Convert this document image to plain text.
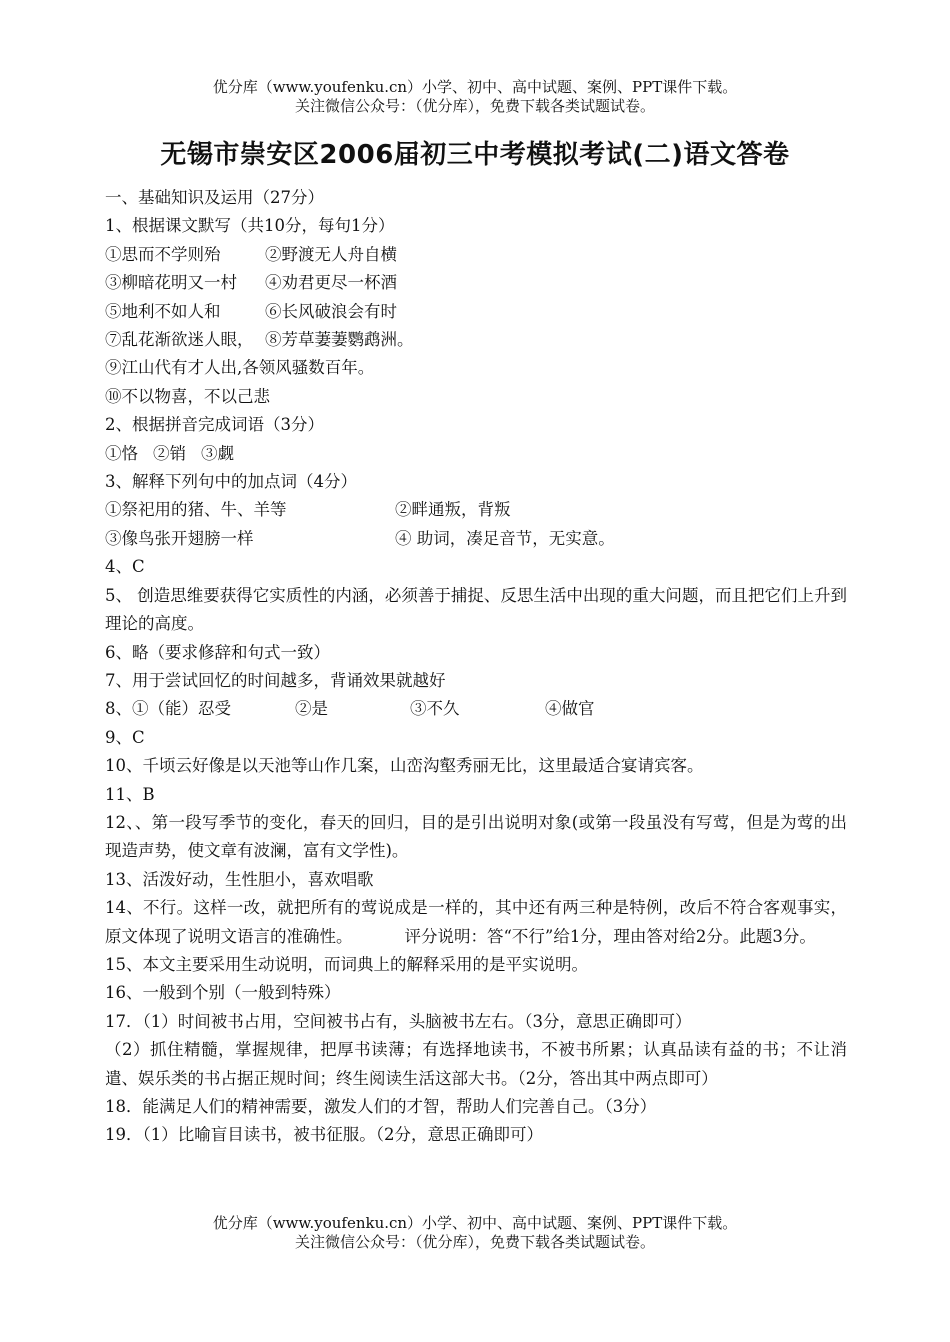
优分库（www.youfenku.cn）小学、初中、高中试题、案例、PPT课件下载。
关注微信公众号：（优分库），免费下载各类试题试卷。
无锡市崇安区2006届初三中考模拟考试(二)语文答卷
一、基础知识及运用（27分）
1、根据课文默写（共10分，每句1分）
①思而不学则殆	②野渡无人舟自横
③柳暗花明又一村 ④劝君更尽一杯酒
⑤地利不如人和	⑥长风破浪会有时
⑦乱花渐欲迷人眼， ⑧芳草萋萋鹦鹉洲。
⑨江山代有才人出,各领风骚数百年。
⑩不以物喜，不以己悲
2、根据拼音完成词语（3分）
①恪 ②销 ③觑
3、解释下列句中的加点词（4分）
①祭祀用的猪、牛、羊等	②畔通叛，背叛
③像鸟张开翅膀一样	④ 助词，凑足音节，无实意。
4、C
5、 创造思维要获得它实质性的内涵，必须善于捕捉、反思生活中出现的重大问题，而且把它们上升到理论的高度。
6、略（要求修辞和句式一致）
7、用于尝试回忆的时间越多，背诵效果就越好
8、①（能）忍受	②是	③不久	④做官
9、C
10、千顷云好像是以天池等山作几案，山峦沟壑秀丽无比，这里最适合宴请宾客。
11、B
12、、第一段写季节的变化，春天的回归，目的是引出说明对象(或第一段虽没有写莺，但是为莺的出现造声势，使文章有波澜，富有文学性)。
13、活泼好动，生性胆小，喜欢唱歌
14、不行。这样一改，就把所有的莺说成是一样的，其中还有两三种是特例，改后不符合客观事实，原文体现了说明文语言的准确性。	评分说明：答“不行”给1分，理由答对给2分。此题3分。
15、本文主要采用生动说明，而词典上的解释采用的是平实说明。
16、一般到个别（一般到特殊）
17．（1）时间被书占用，空间被书占有，头脑被书左右。（3分，意思正确即可）
（2）抓住精髓，掌握规律，把厚书读薄；有选择地读书，不被书所累；认真品读有益的书；不让消遣、娱乐类的书占据正规时间；终生阅读生活这部大书。（2分，答出其中两点即可）
18．能满足人们的精神需要，激发人们的才智，帮助人们完善自己。（3分）
19．（1）比喻盲目读书，被书征服。（2分，意思正确即可）
优分库（www.youfenku.cn）小学、初中、高中试题、案例、PPT课件下载。
关注微信公众号：（优分库），免费下载各类试题试卷。
